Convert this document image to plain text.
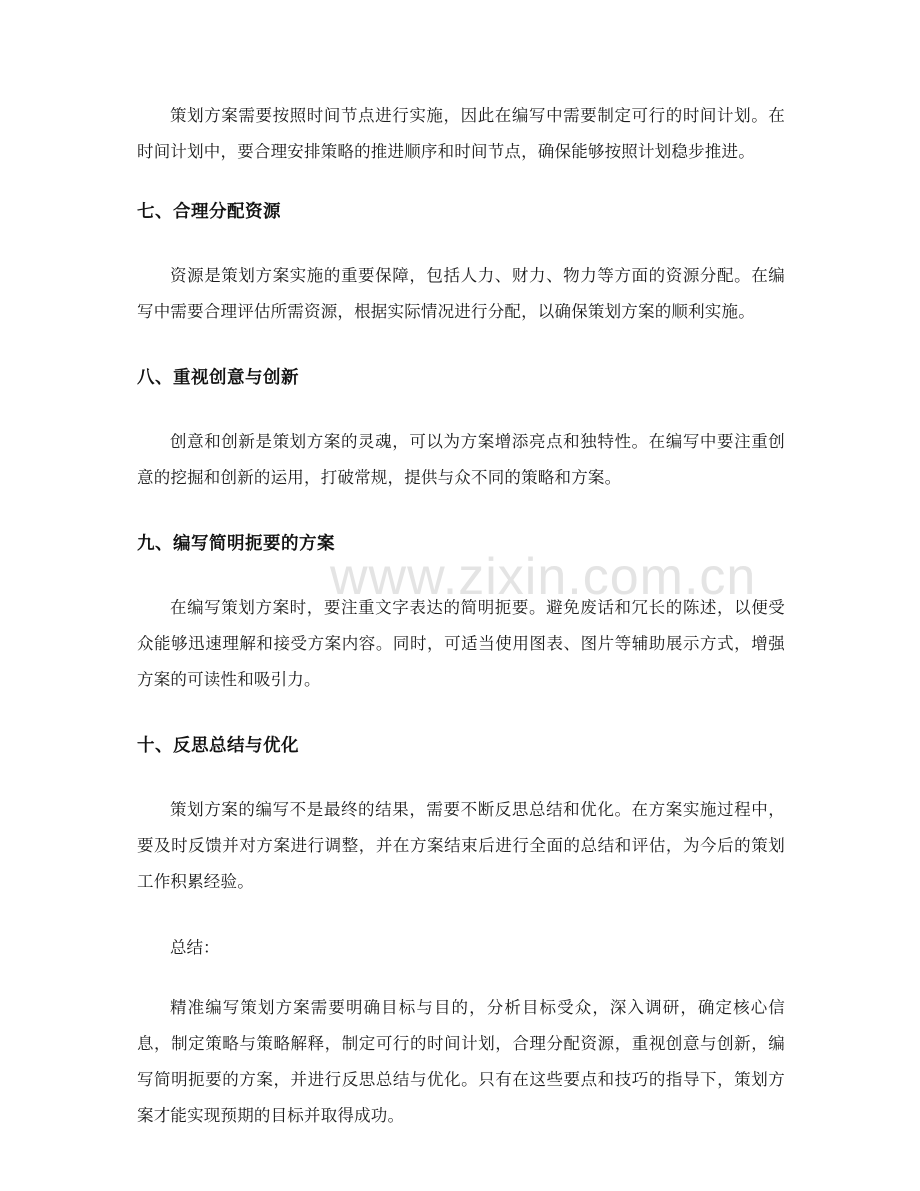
www.zixin.com.cn

策划方案需要按照时间节点进行实施，因此在编写中需要制定可行的时间计划。在时间计划中，要合理安排策略的推进顺序和时间节点，确保能够按照计划稳步推进。

七、合理分配资源

资源是策划方案实施的重要保障，包括人力、财力、物力等方面的资源分配。在编写中需要合理评估所需资源，根据实际情况进行分配，以确保策划方案的顺利实施。

八、重视创意与创新

创意和创新是策划方案的灵魂，可以为方案增添亮点和独特性。在编写中要注重创意的挖掘和创新的运用，打破常规，提供与众不同的策略和方案。

九、编写简明扼要的方案

在编写策划方案时，要注重文字表达的简明扼要。避免废话和冗长的陈述，以便受众能够迅速理解和接受方案内容。同时，可适当使用图表、图片等辅助展示方式，增强方案的可读性和吸引力。

十、反思总结与优化

策划方案的编写不是最终的结果，需要不断反思总结和优化。在方案实施过程中，要及时反馈并对方案进行调整，并在方案结束后进行全面的总结和评估，为今后的策划工作积累经验。

总结：

精准编写策划方案需要明确目标与目的，分析目标受众，深入调研，确定核心信息，制定策略与策略解释，制定可行的时间计划，合理分配资源，重视创意与创新，编写简明扼要的方案，并进行反思总结与优化。只有在这些要点和技巧的指导下，策划方案才能实现预期的目标并取得成功。
